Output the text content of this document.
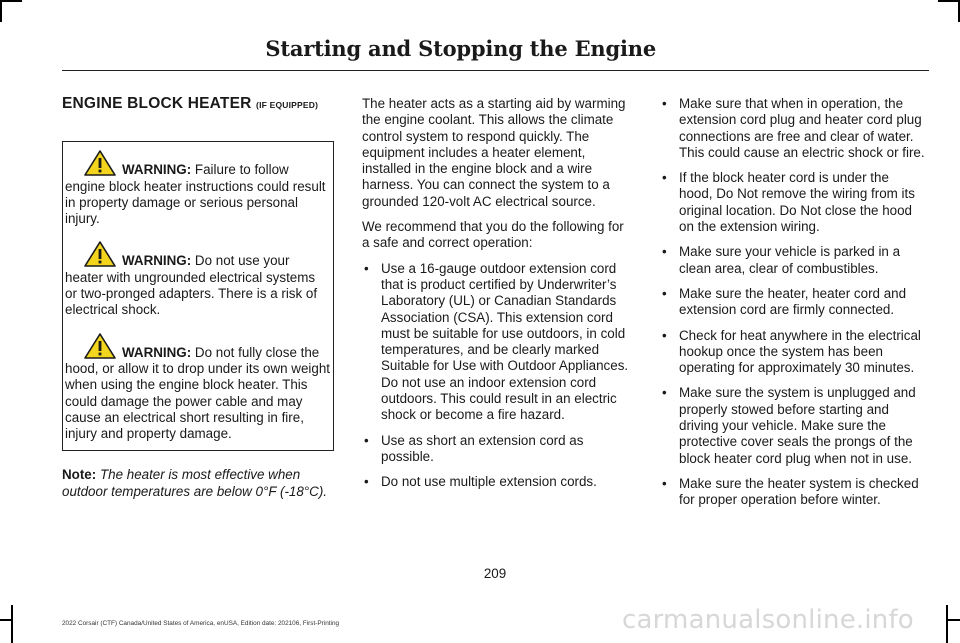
Starting and Stopping the Engine
ENGINE BLOCK HEATER (IF EQUIPPED)
WARNING: Failure to follow engine block heater instructions could result in property damage or serious personal injury.
WARNING: Do not use your heater with ungrounded electrical systems or two-pronged adapters. There is a risk of electrical shock.
WARNING: Do not fully close the hood, or allow it to drop under its own weight when using the engine block heater. This could damage the power cable and may cause an electrical short resulting in fire, injury and property damage.
Note: The heater is most effective when outdoor temperatures are below 0°F (-18°C).

The heater acts as a starting aid by warming the engine coolant. This allows the climate control system to respond quickly. The equipment includes a heater element, installed in the engine block and a wire harness. You can connect the system to a grounded 120-volt AC electrical source.

We recommend that you do the following for a safe and correct operation:

• Use a 16-gauge outdoor extension cord that is product certified by Underwriter’s Laboratory (UL) or Canadian Standards Association (CSA). This extension cord must be suitable for use outdoors, in cold temperatures, and be clearly marked Suitable for Use with Outdoor Appliances. Do not use an indoor extension cord outdoors. This could result in an electric shock or become a fire hazard.
• Use as short an extension cord as possible.
• Do not use multiple extension cords.
• Make sure that when in operation, the extension cord plug and heater cord plug connections are free and clear of water. This could cause an electric shock or fire.
• If the block heater cord is under the hood, Do Not remove the wiring from its original location. Do Not close the hood on the extension wiring.
• Make sure your vehicle is parked in a clean area, clear of combustibles.
• Make sure the heater, heater cord and extension cord are firmly connected.
• Check for heat anywhere in the electrical hookup once the system has been operating for approximately 30 minutes.
• Make sure the system is unplugged and properly stowed before starting and driving your vehicle. Make sure the protective cover seals the prongs of the block heater cord plug when not in use.
• Make sure the heater system is checked for proper operation before winter.
209
2022 Corsair (CTF) Canada/United States of America, enUSA, Edition date: 202106, First-Printing	carmanualsonline.info
